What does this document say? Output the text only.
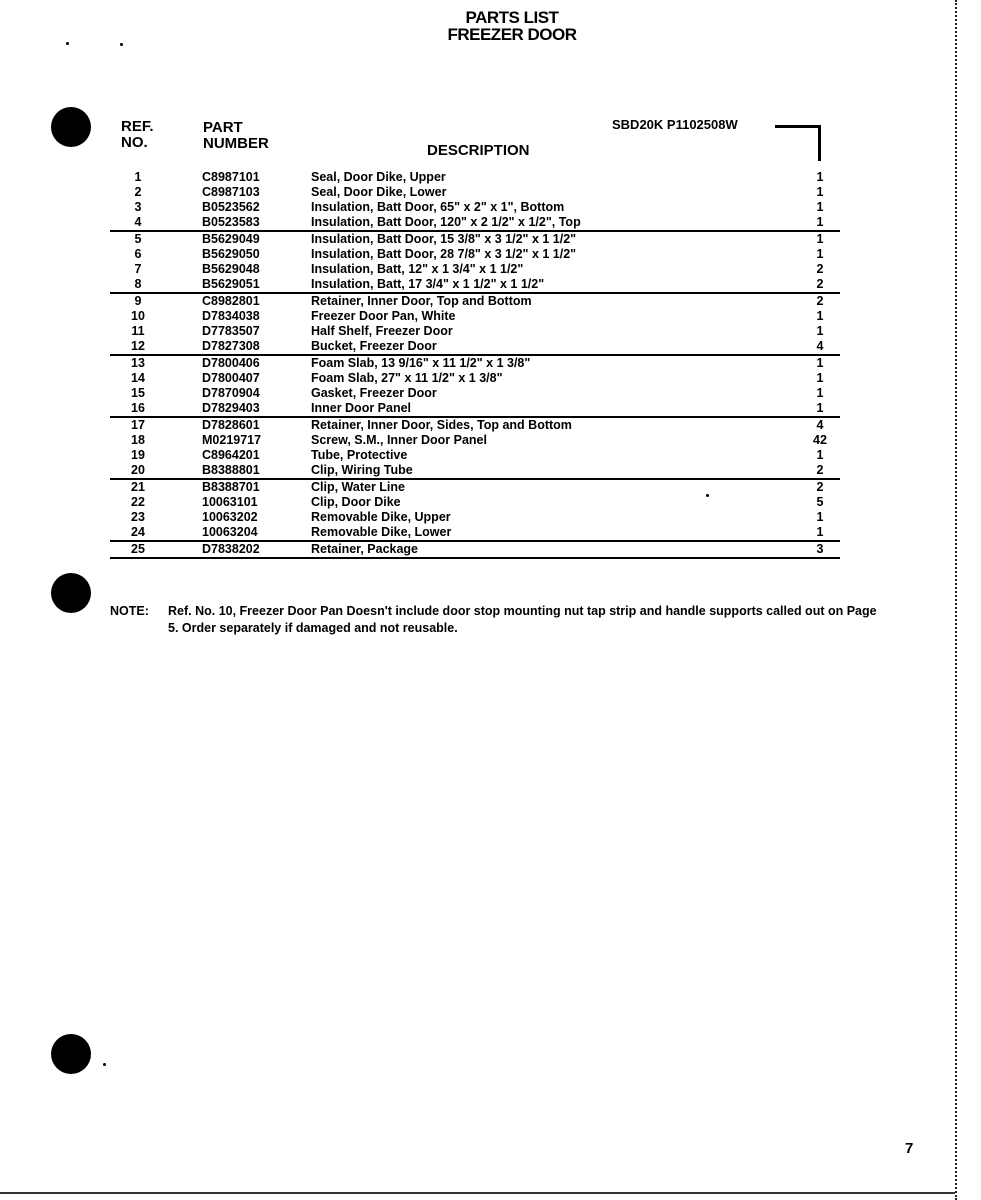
PARTS LIST
FREEZER DOOR
REF.
NO.
PART
NUMBER	DESCRIPTION
SBD20K P1102508W
1	C8987101	Seal, Door Dike, Upper	1
2	C8987103	Seal, Door Dike, Lower	1
3	B0523562	Insulation, Batt Door, 65" x 2" x 1", Bottom	1
4	B0523583	Insulation, Batt Door, 120" x 2 1/2" x 1/2", Top	1
5	B5629049	Insulation, Batt Door, 15 3/8" x 3 1/2" x 1 1/2"	1
6	B5629050	Insulation, Batt Door, 28 7/8" x 3 1/2" x 1 1/2"	1
7	B5629048	Insulation, Batt, 12" x 1 3/4" x 1 1/2"	2
8	B5629051	Insulation, Batt, 17 3/4" x 1 1/2" x 1 1/2"	2
9	C8982801	Retainer, Inner Door, Top and Bottom	2
10	D7834038	Freezer Door Pan, White	1
11	D7783507	Half Shelf, Freezer Door	1
12	D7827308	Bucket, Freezer Door	4
13	D7800406	Foam Slab, 13 9/16" x 11 1/2" x 1 3/8"	1
14	D7800407	Foam Slab, 27" x 11 1/2" x 1 3/8"	1
15	D7870904	Gasket, Freezer Door	1
16	D7829403	Inner Door Panel	1
17	D7828601	Retainer, Inner Door, Sides, Top and Bottom	4
18	M0219717	Screw, S.M., Inner Door Panel	42
19	C8964201	Tube, Protective	1
20	B8388801	Clip, Wiring Tube	2
21	B8388701	Clip, Water Line	2
22	10063101	Clip, Door Dike	5
23	10063202	Removable Dike, Upper	1
24	10063204	Removable Dike, Lower	1
25	D7838202	Retainer, Package	3
NOTE: Ref. No. 10, Freezer Door Pan Doesn't include door stop mounting nut tap strip and handle supports called out on Page 5. Order separately if damaged and not reusable.
7
